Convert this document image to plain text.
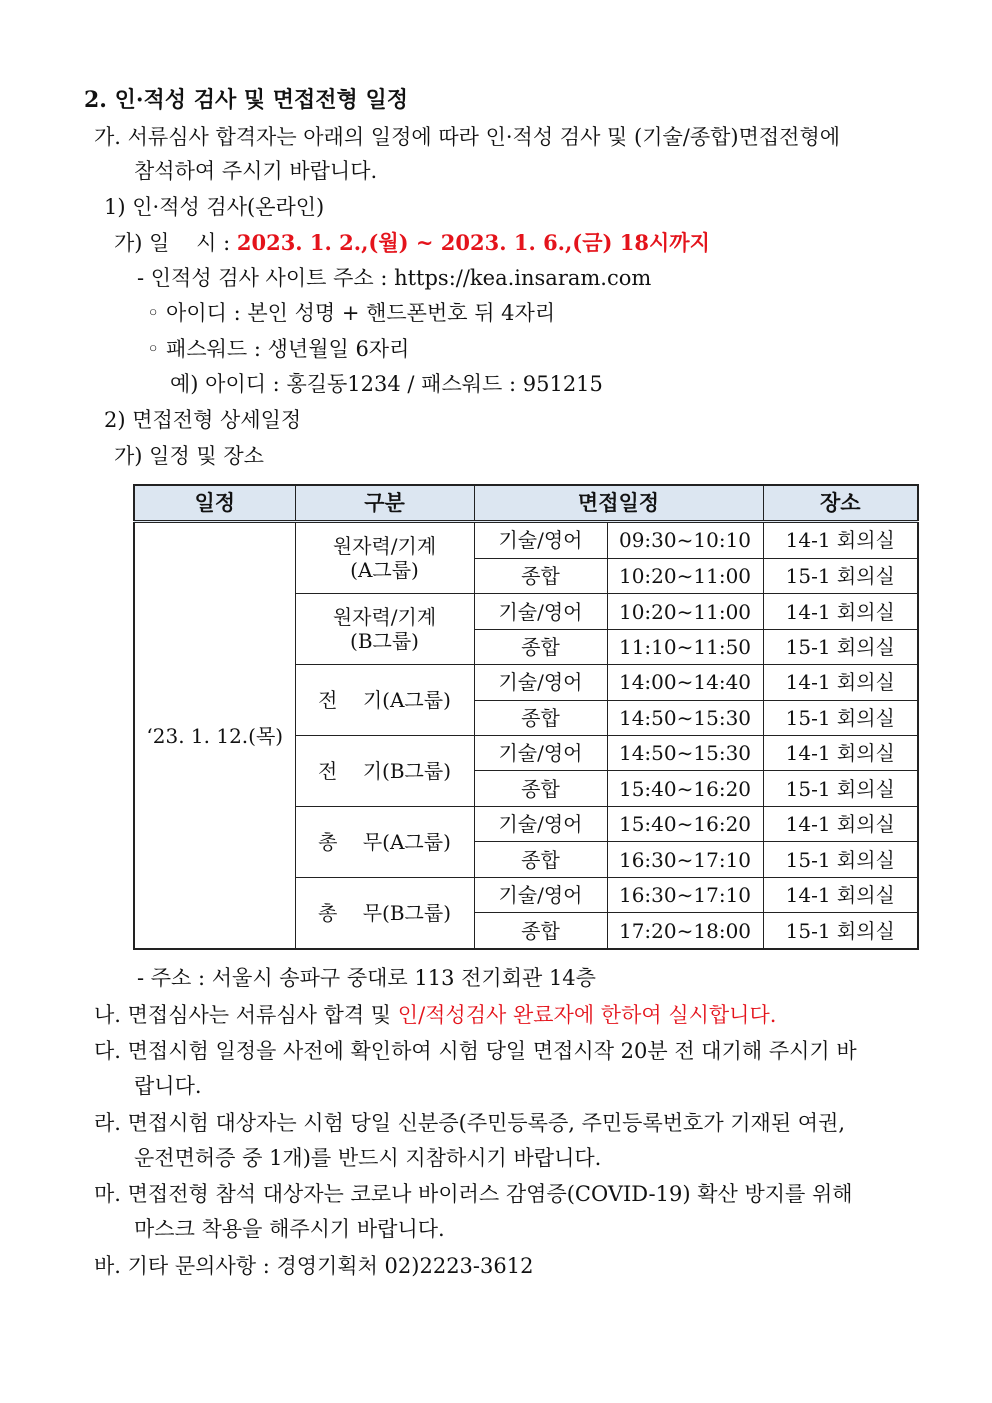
2. 인·적성 검사 및 면접전형 일정
가. 서류심사 합격자는 아래의 일정에 따라 인·적성 검사 및 (기술/종합)면접전형에
참석하여 주시기 바랍니다.
1) 인·적성 검사(온라인)
가) 일    시 : 2023. 1. 2.,(월) ~ 2023. 1. 6.,(금) 18시까지
- 인적성 검사 사이트 주소 : https://kea.insaram.com
◦ 아이디 : 본인 성명 + 핸드폰번호 뒤 4자리
◦ 패스워드 : 생년월일 6자리
예) 아이디 : 홍길동1234 / 패스워드 : 951215
2) 면접전형 상세일정
가) 일정 및 장소
일정	구분	면접일정		장소
‘23. 1. 12.(목)	원자력/기계
(A그룹)	기술/영어	09:30~10:10	14-1 회의실
		종합	10:20∼11:00	15-1 회의실

	원자력/기계
(B그룹)	기술/영어	10:20∼11:00	14-1 회의실
		종합	11:10∼11:50	15-1 회의실

	전    기(A그룹)	기술/영어	14:00∼14:40	14-1 회의실
		종합	14:50∼15:30	15-1 회의실

	전    기(B그룹)	기술/영어	14:50∼15:30	14-1 회의실
		종합	15:40∼16:20	15-1 회의실

	총    무(A그룹)	기술/영어	15:40∼16:20	14-1 회의실
		종합	16:30∼17:10	15-1 회의실

	총    무(B그룹)	기술/영어	16:30∼17:10	14-1 회의실
		종합	17:20∼18:00	15-1 회의실
- 주소 : 서울시 송파구 중대로 113 전기회관 14층
나. 면접심사는 서류심사 합격 및 인/적성검사 완료자에 한하여 실시합니다.
다. 면접시험 일정을 사전에 확인하여 시험 당일 면접시작 20분 전 대기해 주시기 바
랍니다.
라. 면접시험 대상자는 시험 당일 신분증(주민등록증, 주민등록번호가 기재된 여권,
운전면허증 중 1개)를 반드시 지참하시기 바랍니다.
마. 면접전형 참석 대상자는 코로나 바이러스 감염증(COVID-19) 확산 방지를 위해
마스크 착용을 해주시기 바랍니다.
바. 기타 문의사항 : 경영기획처 02)2223-3612
